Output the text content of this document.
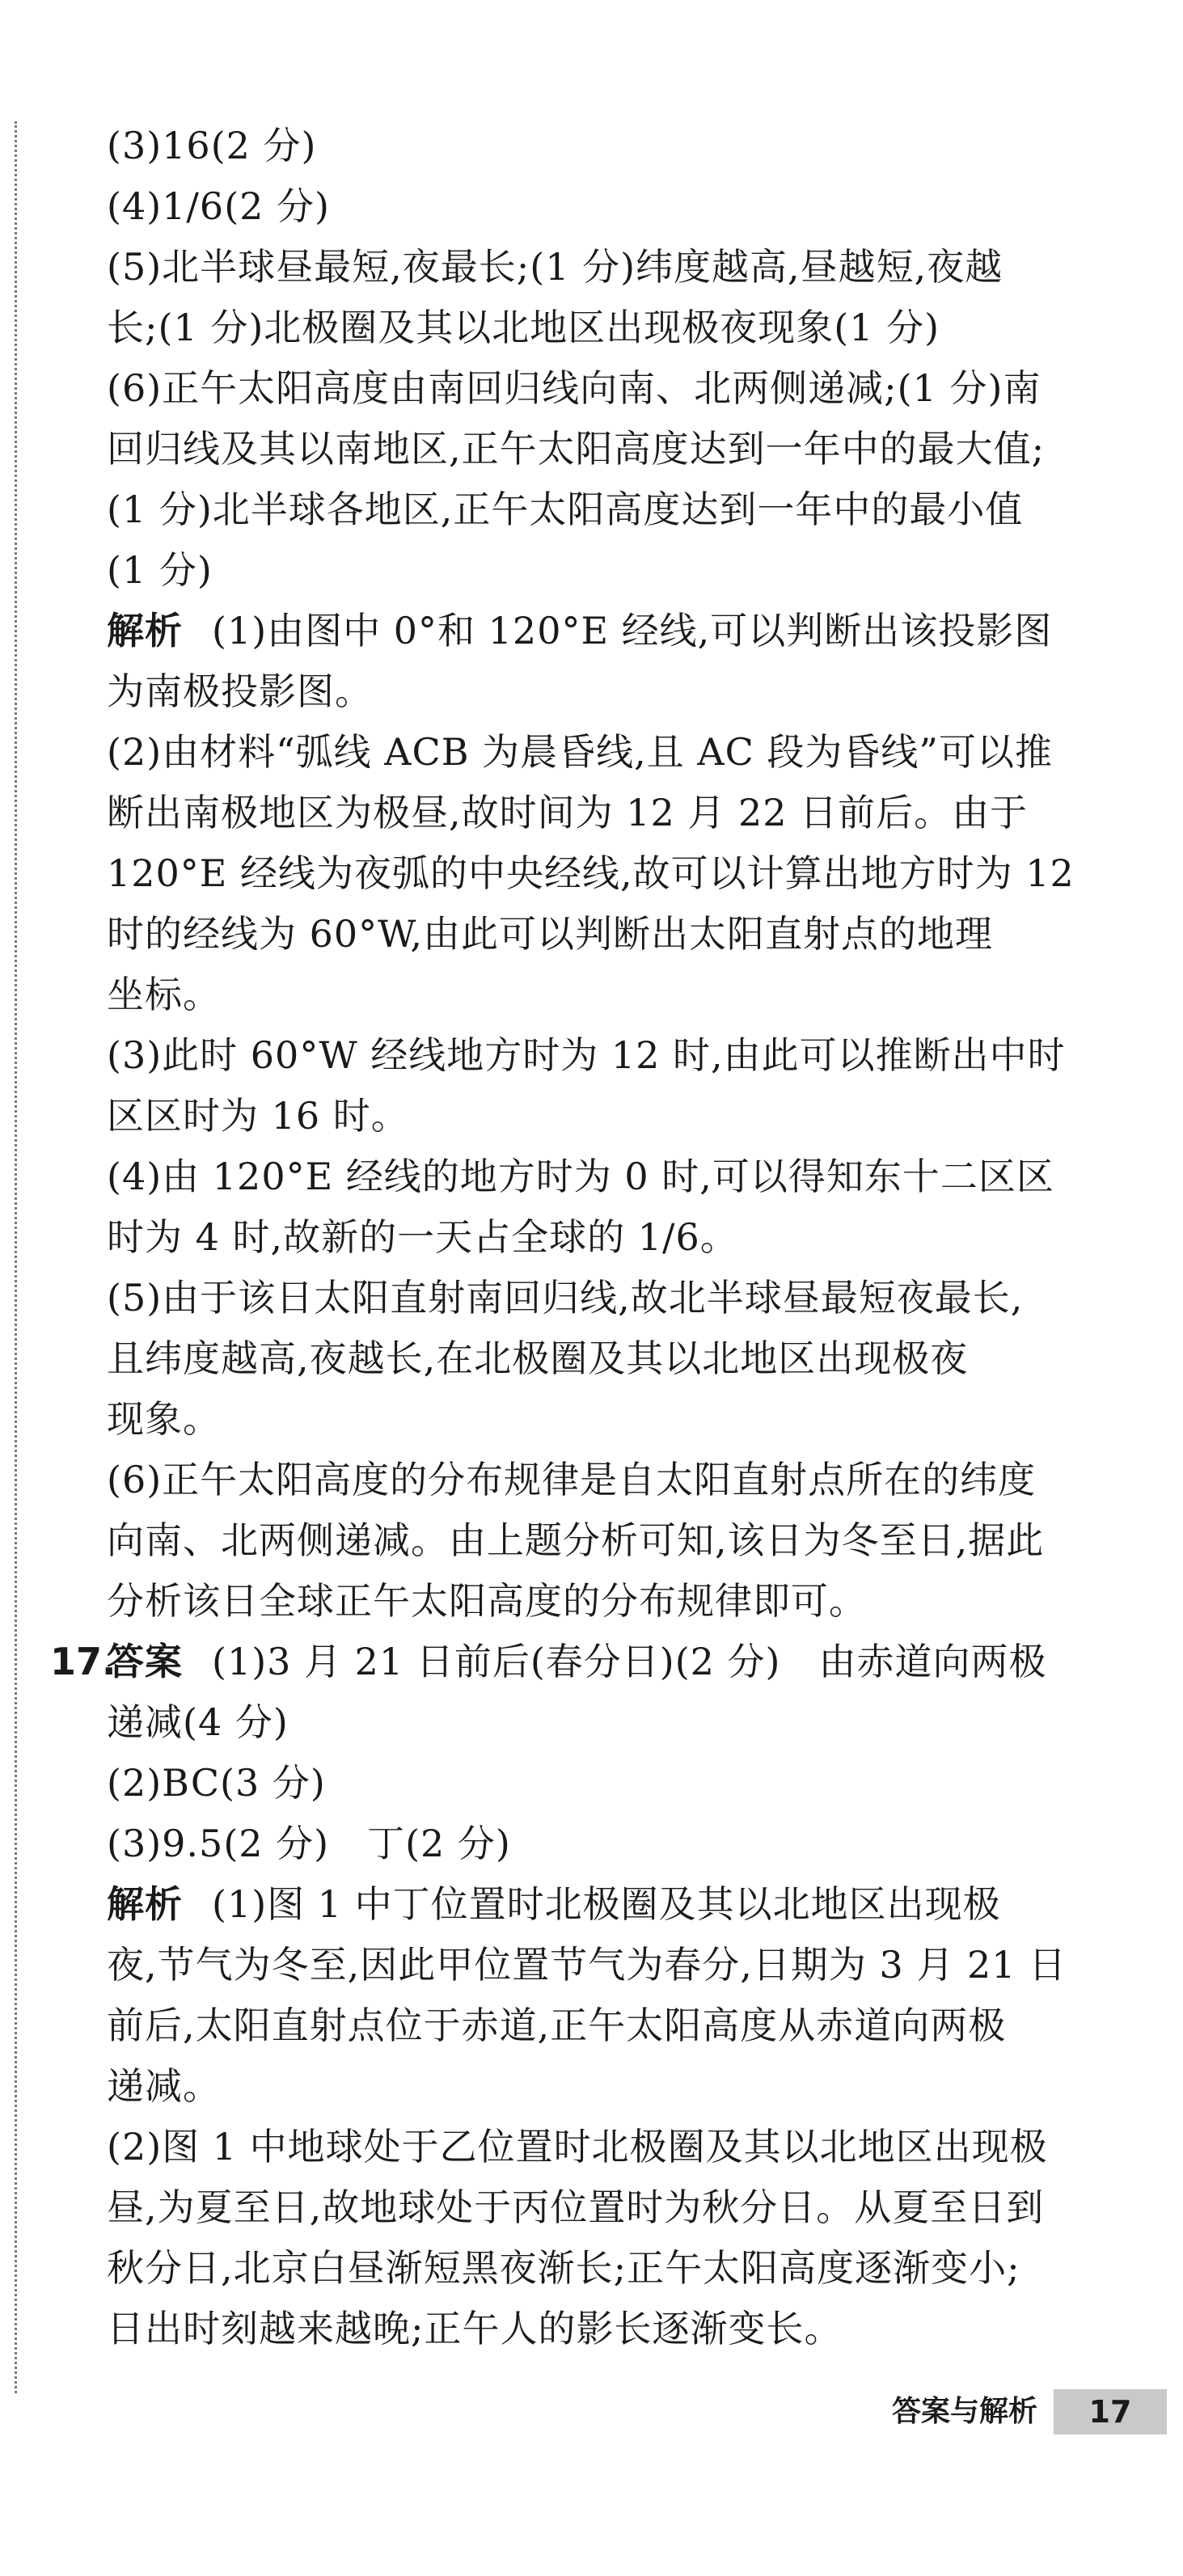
(3)16(2 分)
(4)1/6(2 分)
(5)北半球昼最短,夜最长;(1 分)纬度越高,昼越短,夜越
长;(1 分)北极圈及其以北地区出现极夜现象(1 分)
(6)正午太阳高度由南回归线向南、北两侧递减;(1 分)南
回归线及其以南地区,正午太阳高度达到一年中的最大值;
(1 分)北半球各地区,正午太阳高度达到一年中的最小值
(1 分)
解析 (1)由图中 0°和 120°E 经线,可以判断出该投影图
为南极投影图。
(2)由材料“弧线 ACB 为晨昏线,且 AC 段为昏线”可以推
断出南极地区为极昼,故时间为 12 月 22 日前后。由于
120°E 经线为夜弧的中央经线,故可以计算出地方时为 12
时的经线为 60°W,由此可以判断出太阳直射点的地理
坐标。
(3)此时 60°W 经线地方时为 12 时,由此可以推断出中时
区区时为 16 时。
(4)由 120°E 经线的地方时为 0 时,可以得知东十二区区
时为 4 时,故新的一天占全球的 1/6。
(5)由于该日太阳直射南回归线,故北半球昼最短夜最长,
且纬度越高,夜越长,在北极圈及其以北地区出现极夜
现象。
(6)正午太阳高度的分布规律是自太阳直射点所在的纬度
向南、北两侧递减。由上题分析可知,该日为冬至日,据此
分析该日全球正午太阳高度的分布规律即可。
17.
答案 (1)3 月 21 日前后(春分日)(2 分)　由赤道向两极
递减(4 分)
(2)BC(3 分)
(3)9.5(2 分)　丁(2 分)
解析 (1)图 1 中丁位置时北极圈及其以北地区出现极
夜,节气为冬至,因此甲位置节气为春分,日期为 3 月 21 日
前后,太阳直射点位于赤道,正午太阳高度从赤道向两极
递减。
(2)图 1 中地球处于乙位置时北极圈及其以北地区出现极
昼,为夏至日,故地球处于丙位置时为秋分日。从夏至日到
秋分日,北京白昼渐短黑夜渐长;正午太阳高度逐渐变小;
日出时刻越来越晚;正午人的影长逐渐变长。
答案与解析	17
